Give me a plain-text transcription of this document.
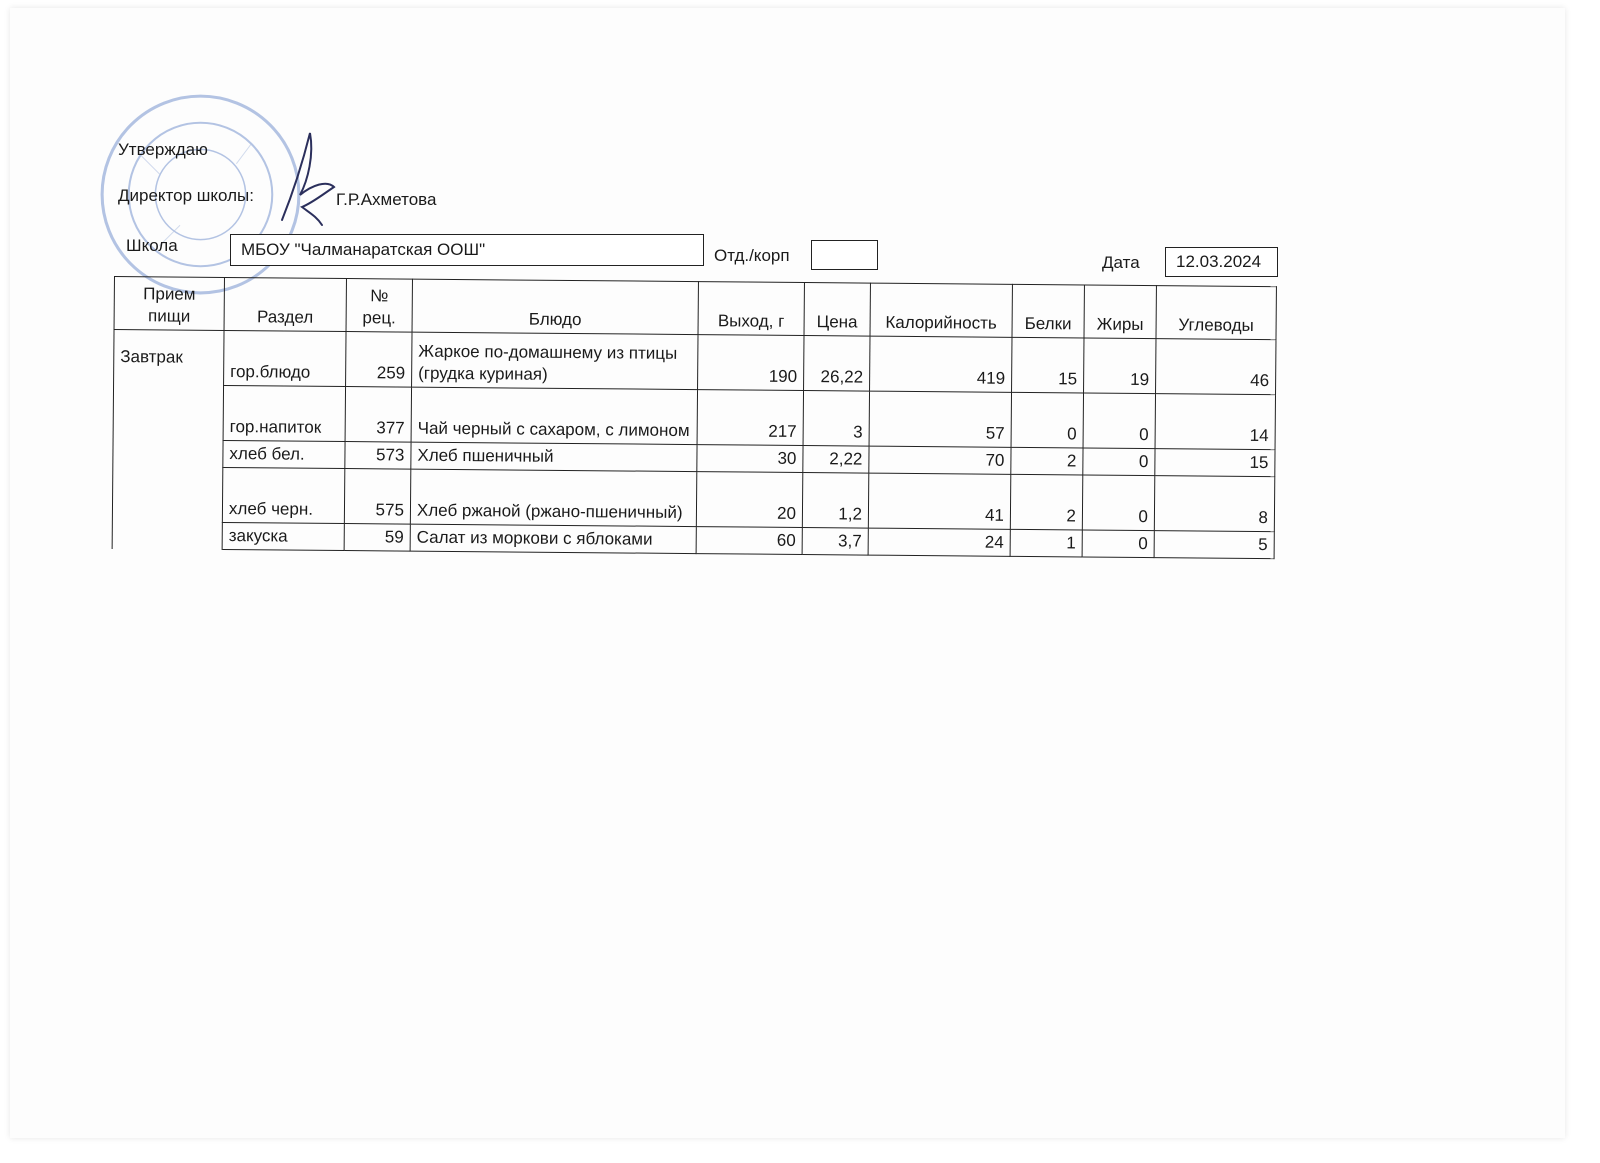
Утверждаю
Директор школы:	Г.Р.Ахметова
Школа	МБОУ "Чалманаратская ООШ"	Отд./корп	Дата 12.03.2024
Прием пищи	Раздел	№ рец.	Блюдо	Выход, г	Цена	Калорийность	Белки	Жиры	Углеводы
Завтрак	гор.блюдо	259	Жаркое по-домашнему из птицы (грудка куриная)	190	26,22	419	15	19	46
	гор.напиток	377	Чай черный с сахаром, с лимоном	217	3	57	0	0	14
	хлеб бел.	573	Хлеб пшеничный	30	2,22	70	2	0	15
	хлеб черн.	575	Хлеб ржаной (ржано-пшеничный)	20	1,2	41	2	0	8
	закуска	59	Салат из моркови с яблоками	60	3,7	24	1	0	5
